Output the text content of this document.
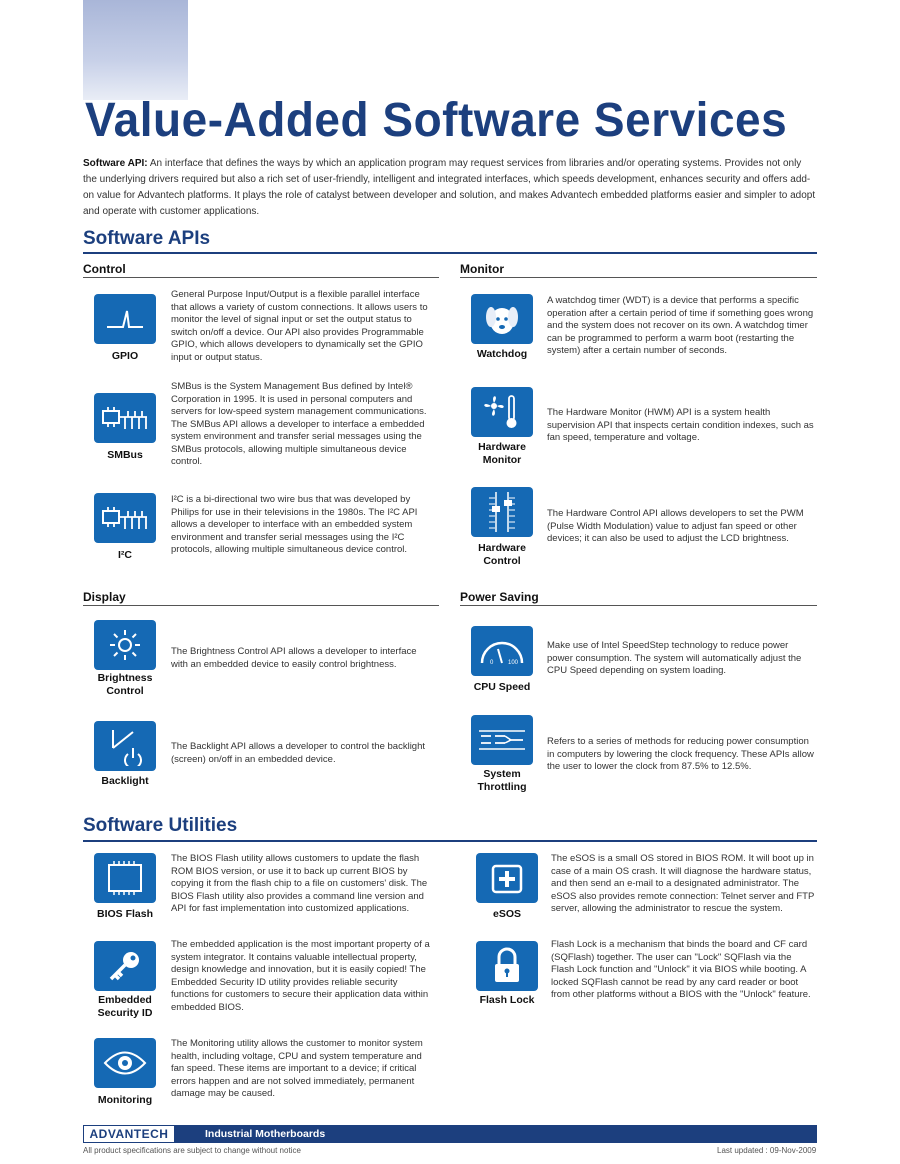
Value-Added Software Services

Software API: An interface that defines the ways by which an application program may request services from libraries and/or operating systems. Provides not only the underlying drivers required but also a rich set of user-friendly, intelligent and integrated interfaces, which speeds development, enhances security and offers add-on value for Advantech platforms. It plays the role of catalyst between developer and solution, and makes Advantech embedded platforms easier and simpler to adopt and operate with customer applications.

Software APIs
Control	Monitor
GPIO
General Purpose Input/Output is a flexible parallel interface that allows a variety of custom connections. It allows users to monitor the level of signal input or set the output status to switch on/off a device. Our API also provides Programmable GPIO, which allows developers to dynamically set the GPIO input or output status.
SMBus
SMBus is the System Management Bus defined by Intel® Corporation in 1995. It is used in personal computers and servers for low-speed system management communications. The SMBus API allows a developer to interface a embedded system environment and transfer serial messages using the SMBus protocols, allowing multiple simultaneous device control.
I²C
I²C is a bi-directional two wire bus that was developed by Philips for use in their televisions in the 1980s. The I²C API allows a developer to interface with an embedded system environment and transfer serial messages using the I²C protocols, allowing multiple simultaneous device control.
Watchdog
A watchdog timer (WDT) is a device that performs a specific operation after a certain period of time if something goes wrong and the system does not recover on its own. A watchdog timer can be programmed to perform a warm boot (restarting the system) after a certain number of seconds.
Hardware Monitor
The Hardware Monitor (HWM) API is a system health supervision API that inspects certain condition indexes, such as fan speed, temperature and voltage.
Hardware Control
The Hardware Control API allows developers to set the PWM (Pulse Width Modulation) value to adjust fan speed or other devices; it can also be used to adjust the LCD brightness.
Display	Power Saving
Brightness Control
The Brightness Control API allows a developer to interface with an embedded device to easily control brightness.
Backlight
The Backlight API allows a developer to control the backlight (screen) on/off in an embedded device.
0 100
CPU Speed
Make use of Intel SpeedStep technology to reduce power power consumption. The system will automatically adjust the CPU Speed depending on system loading.
System Throttling
Refers to a series of methods for reducing power consumption in computers by lowering the clock frequency. These APIs allow the user to lower the clock from 87.5% to 12.5%.
Software Utilities
BIOS Flash
The BIOS Flash utility allows customers to update the flash ROM BIOS version, or use it to back up current BIOS by copying it from the flash chip to a file on customers' disk. The BIOS Flash utility also provides a command line version and API for fast implementation into customized applications.
Embedded Security ID
The embedded application is the most important property of a system integrator. It contains valuable intellectual property, design knowledge and innovation, but it is easily copied! The Embedded Security ID utility provides reliable security functions for customers to secure their application data within embedded BIOS.
Monitoring
The Monitoring utility allows the customer to monitor system health, including voltage, CPU and system temperature and fan speed. These items are important to a device; if critical errors happen and are not solved immediately, permanent damage may be caused.
eSOS
The eSOS is a small OS stored in BIOS ROM. It will boot up in case of a main OS crash. It will diagnose the hardware status, and then send an e-mail to a designated administrator. The eSOS also provides remote connection: Telnet server and FTP server, allowing the administrator to rescue the system.
Flash Lock
Flash Lock is a mechanism that binds the board and CF card (SQFlash) together. The user can "Lock" SQFlash via the Flash Lock function and "Unlock" it via BIOS while booting. A locked SQFlash cannot be read by any card reader or boot from other platforms without a BIOS with the "Unlock" feature.
ADVANTECH	Industrial Motherboards
All product specifications are subject to change without notice	Last updated : 09-Nov-2009
